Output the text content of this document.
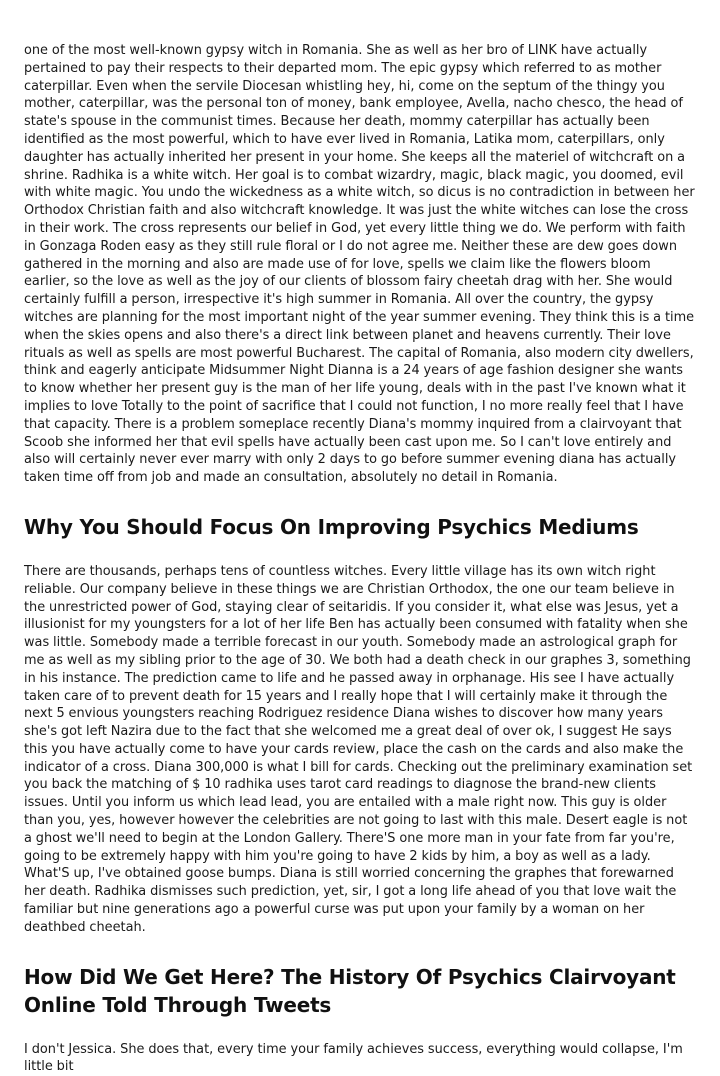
one of the most well-known gypsy witch in Romania. She as well as her bro of LINK have actually pertained to pay their respects to their departed mom. The epic gypsy which referred to as mother caterpillar. Even when the servile Diocesan whistling hey, hi, come on the septum of the thingy you mother, caterpillar, was the personal ton of money, bank employee, Avella, nacho chesco, the head of state's spouse in the communist times. Because her death, mommy caterpillar has actually been identified as the most powerful, which to have ever lived in Romania, Latika mom, caterpillars, only daughter has actually inherited her present in your home. She keeps all the materiel of witchcraft on a shrine. Radhika is a white witch. Her goal is to combat wizardry, magic, black magic, you doomed, evil with white magic. You undo the wickedness as a white witch, so dicus is no contradiction in between her Orthodox Christian faith and also witchcraft knowledge. It was just the white witches can lose the cross in their work. The cross represents our belief in God, yet every little thing we do. We perform with faith in Gonzaga Roden easy as they still rule floral or I do not agree me. Neither these are dew goes down gathered in the morning and also are made use of for love, spells we claim like the flowers bloom earlier, so the love as well as the joy of our clients of blossom fairy cheetah drag with her. She would certainly fulfill a person, irrespective it's high summer in Romania. All over the country, the gypsy witches are planning for the most important night of the year summer evening. They think this is a time when the skies opens and also there's a direct link between planet and heavens currently. Their love rituals as well as spells are most powerful Bucharest. The capital of Romania, also modern city dwellers, think and eagerly anticipate Midsummer Night Dianna is a 24 years of age fashion designer she wants to know whether her present guy is the man of her life young, deals with in the past I've known what it implies to love Totally to the point of sacrifice that I could not function, I no more really feel that I have that capacity. There is a problem someplace recently Diana's mommy inquired from a clairvoyant that Scoob she informed her that evil spells have actually been cast upon me. So I can't love entirely and also will certainly never ever marry with only 2 days to go before summer evening diana has actually taken time off from job and made an consultation, absolutely no detail in Romania.

Why You Should Focus On Improving Psychics Mediums

There are thousands, perhaps tens of countless witches. Every little village has its own witch right reliable. Our company believe in these things we are Christian Orthodox, the one our team believe in the unrestricted power of God, staying clear of seitaridis. If you consider it, what else was Jesus, yet a illusionist for my youngsters for a lot of her life Ben has actually been consumed with fatality when she was little. Somebody made a terrible forecast in our youth. Somebody made an astrological graph for me as well as my sibling prior to the age of 30. We both had a death check in our graphes 3, something in his instance. The prediction came to life and he passed away in orphanage. His see I have actually taken care of to prevent death for 15 years and I really hope that I will certainly make it through the next 5 envious youngsters reaching Rodriguez residence Diana wishes to discover how many years she's got left Nazira due to the fact that she welcomed me a great deal of over ok, I suggest He says this you have actually come to have your cards review, place the cash on the cards and also make the indicator of a cross. Diana 300,000 is what I bill for cards. Checking out the preliminary examination set you back the matching of $ 10 radhika uses tarot card readings to diagnose the brand-new clients issues. Until you inform us which lead lead, you are entailed with a male right now. This guy is older than you, yes, however however the celebrities are not going to last with this male. Desert eagle is not a ghost we'll need to begin at the London Gallery. There'S one more man in your fate from far you're, going to be extremely happy with him you're going to have 2 kids by him, a boy as well as a lady. What'S up, I've obtained goose bumps. Diana is still worried concerning the graphes that forewarned her death. Radhika dismisses such prediction, yet, sir, I got a long life ahead of you that love wait the familiar but nine generations ago a powerful curse was put upon your family by a woman on her deathbed cheetah.

How Did We Get Here? The History Of Psychics Clairvoyant Online Told Through Tweets

I don't Jessica. She does that, every time your family achieves success, everything would collapse, I'm little bit
